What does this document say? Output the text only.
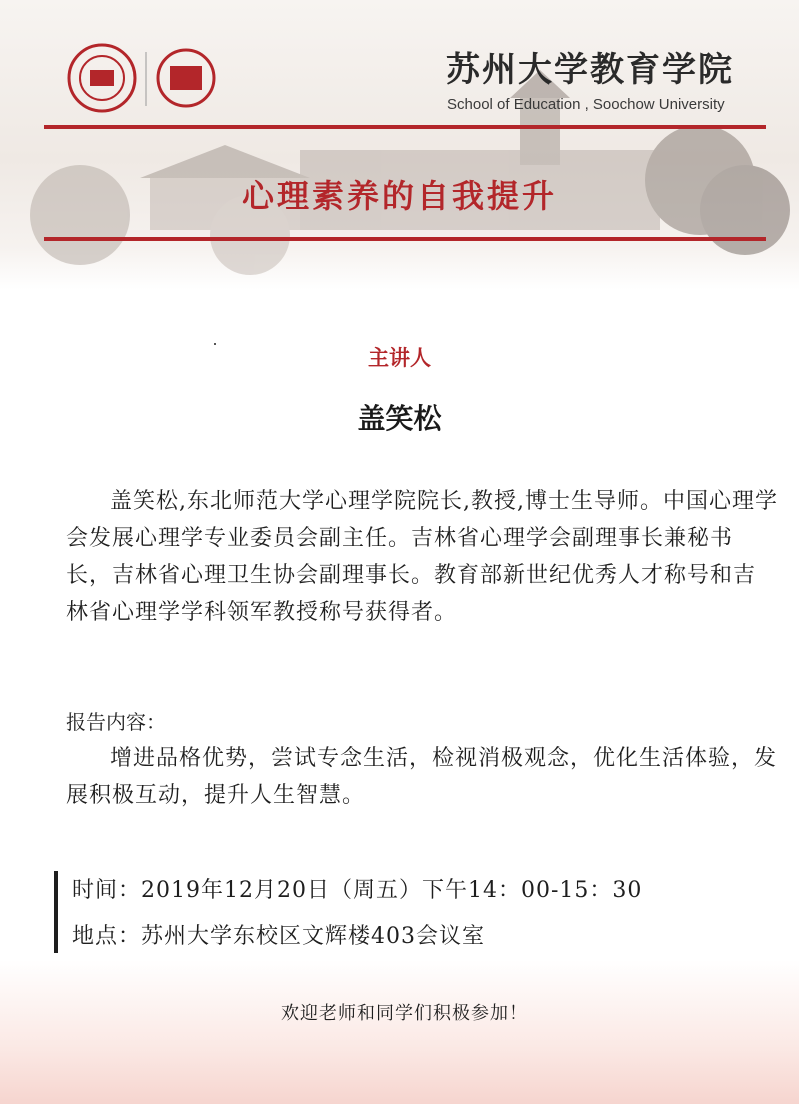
苏州大学教育学院
School of Education , Soochow University
心理素养的自我提升
主讲人
盖笑松

盖笑松,东北师范大学心理学院院长,教授,博士生导师。中国心理学会发展心理学专业委员会副主任。吉林省心理学会副理事长兼秘书长，吉林省心理卫生协会副理事长。教育部新世纪优秀人才称号和吉林省心理学学科领军教授称号获得者。

报告内容：

增进品格优势，尝试专念生活，检视消极观念，优化生活体验，发展积极互动，提升人生智慧。

时间：2019年12月20日（周五）下午14：00-15：30
地点：苏州大学东校区文辉楼403会议室
欢迎老师和同学们积极参加！
